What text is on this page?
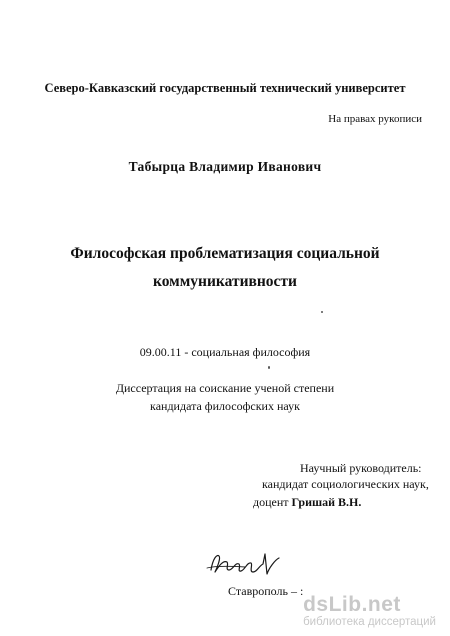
Северо-Кавказский государственный технический университет
На правах рукописи
Табырца Владимир Иванович
Философская проблематизация социальной
коммуникативности
09.00.11 - социальная философия
Диссертация на соискание ученой степени
кандидата философских наук
Научный руководитель:
кандидат социологических наук,
доцент Гришай В.Н.
Ставрополь – :
dsLib.net
библиотека диссертаций
